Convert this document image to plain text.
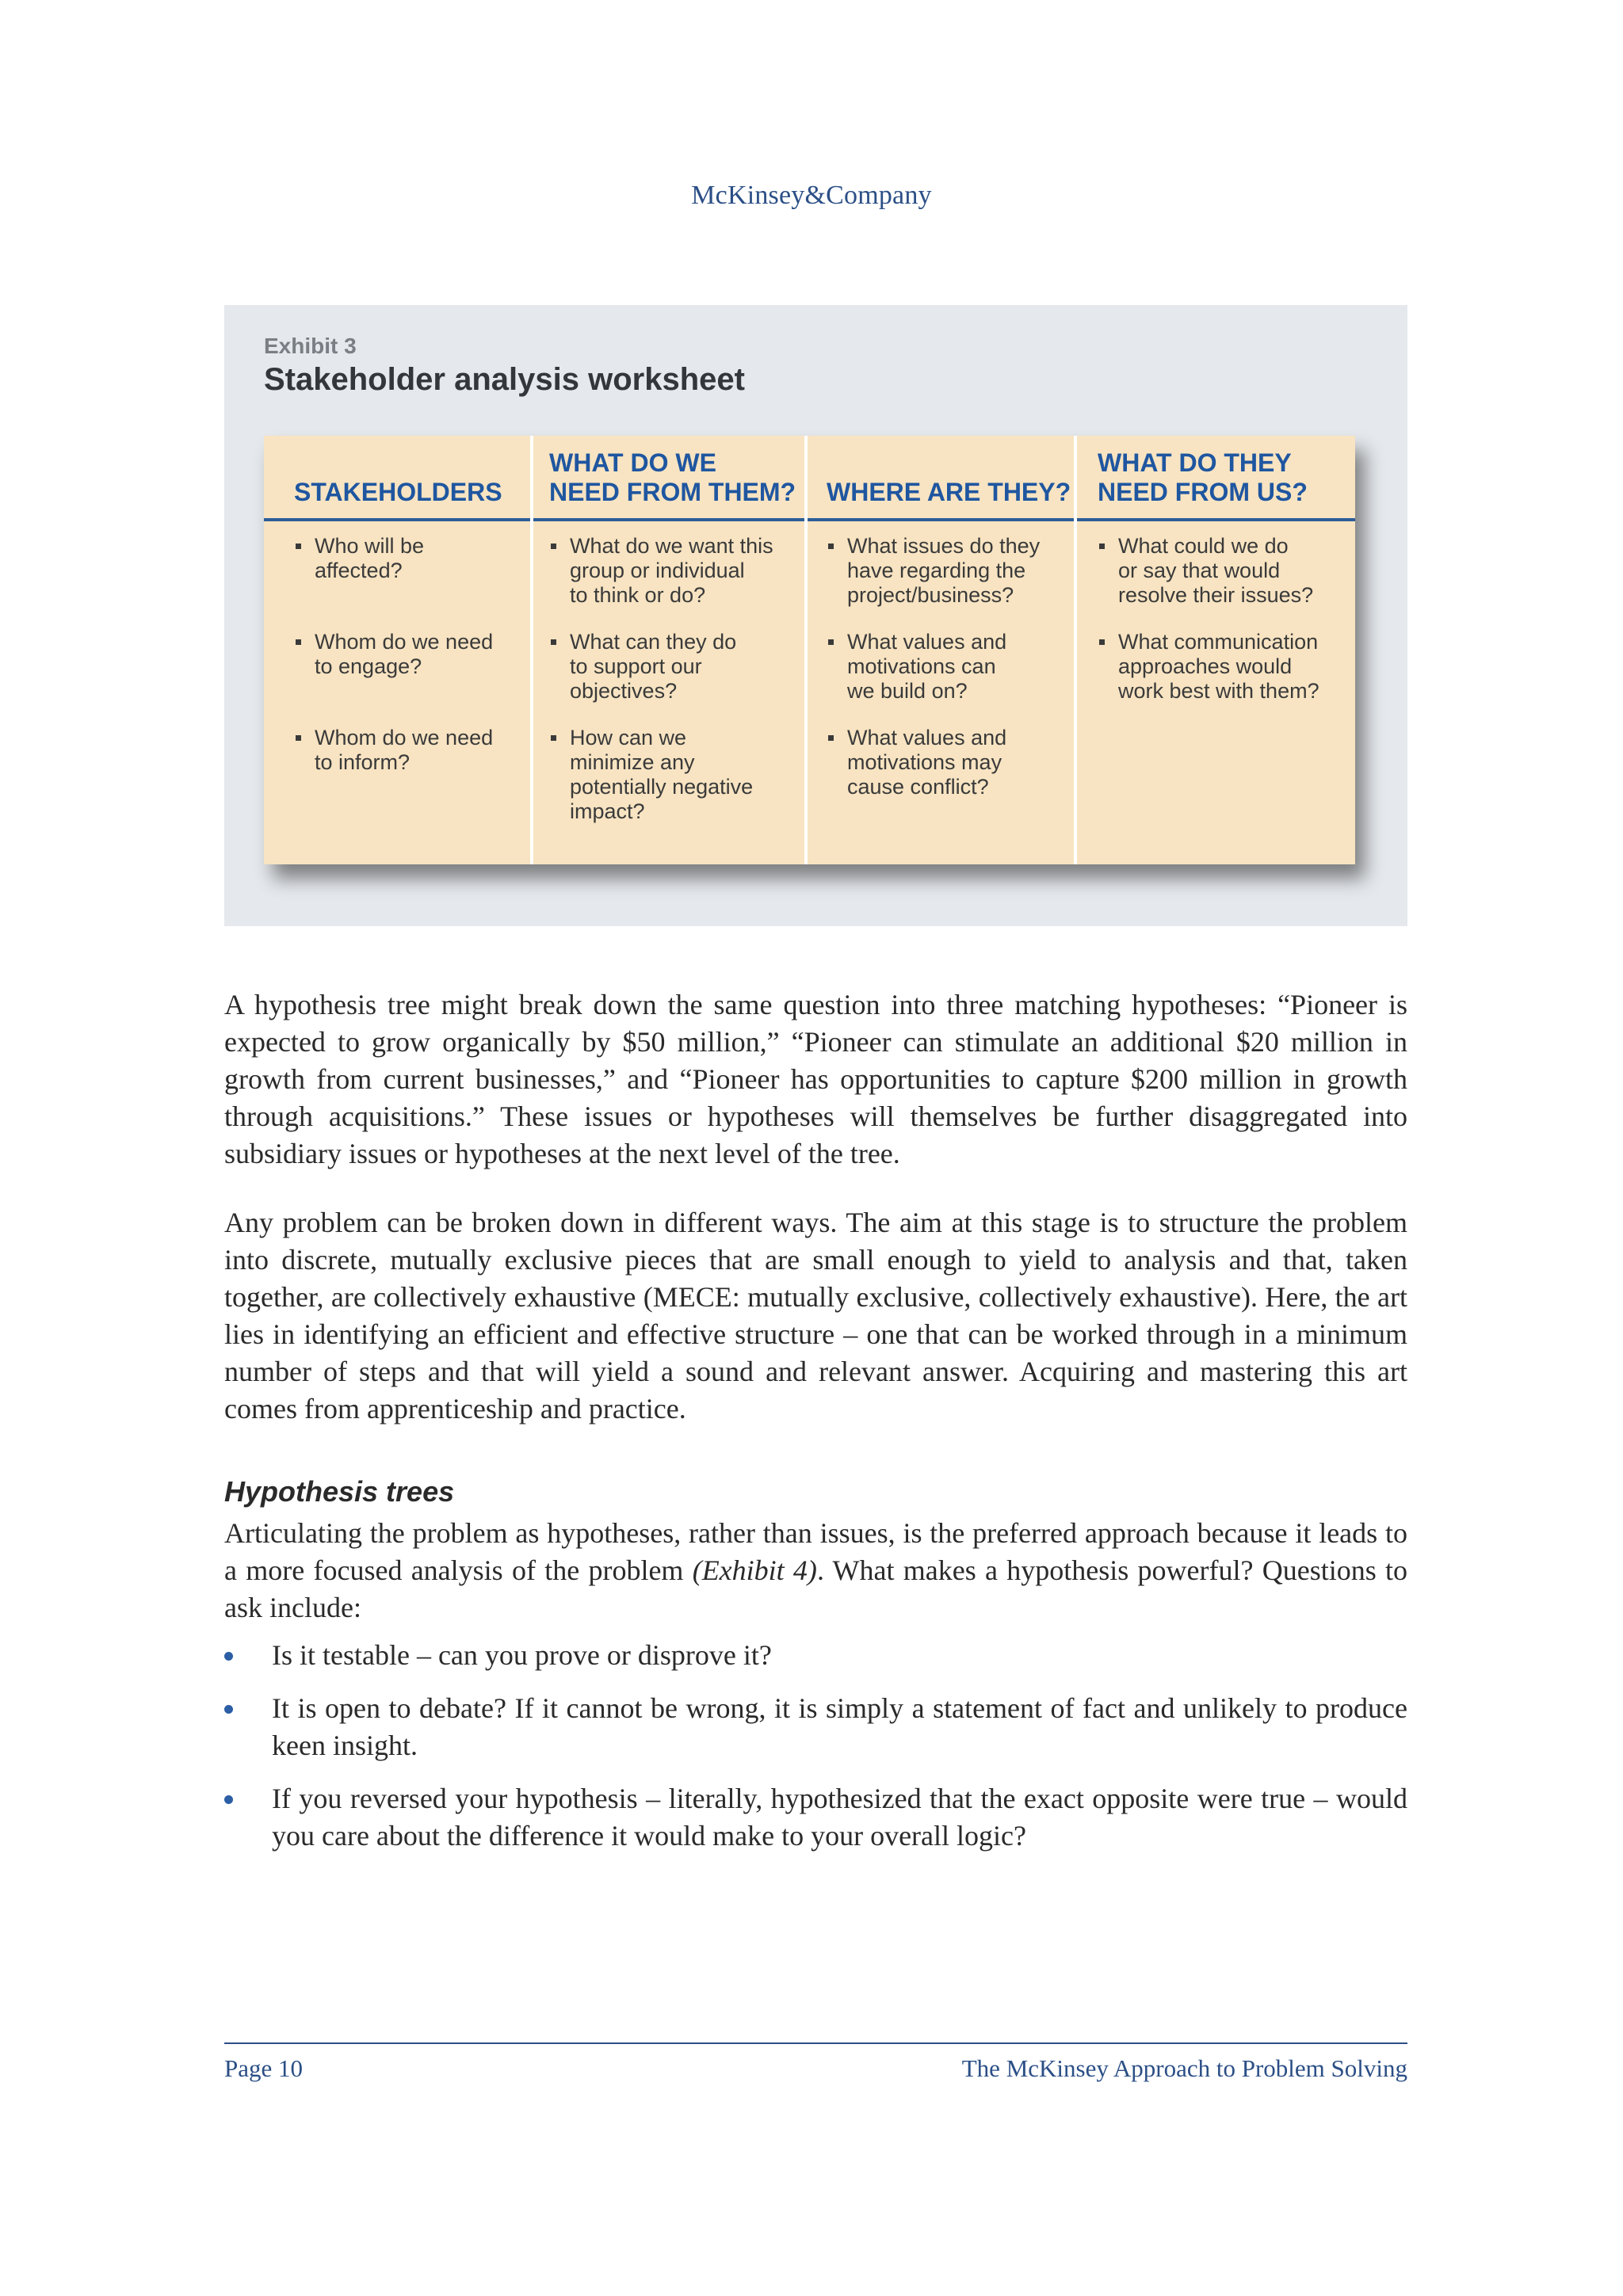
McKinsey&Company
Exhibit 3
Stakeholder analysis worksheet
STAKEHOLDERS
Who will be
affected?
Whom do we need
to engage?
Whom do we need
to inform?
WHAT DO WE
NEED FROM THEM?
What do we want this
group or individual
to think or do?
What can they do
to support our
objectives?
How can we
minimize any
potentially negative
impact?
WHERE ARE THEY?
What issues do they
have regarding the
project/business?
What values and
motivations can
we build on?
What values and
motivations may
cause conflict?
WHAT DO THEY
NEED FROM US?
What could we do
or say that would
resolve their issues?
What communication
approaches would
work best with them?
A hypothesis tree might break down the same question into three matching hypotheses: “Pioneer is expected to grow organically by $50 million,” “Pioneer can stimulate an additional $20 million in growth from current businesses,” and “Pioneer has opportunities to capture $200 million in growth through acquisitions.” These issues or hypotheses will themselves be further disaggregated into subsidiary issues or hypotheses at the next level of the tree.
Any problem can be broken down in different ways. The aim at this stage is to structure the problem into discrete, mutually exclusive pieces that are small enough to yield to analysis and that, taken together, are collectively exhaustive (MECE: mutually exclusive, collectively exhaustive). Here, the art lies in identifying an efficient and effective structure – one that can be worked through in a minimum number of steps and that will yield a sound and relevant answer. Acquiring and mastering this art comes from apprenticeship and practice.
Hypothesis trees
Articulating the problem as hypotheses, rather than issues, is the preferred approach because it leads to a more focused analysis of the problem (Exhibit 4). What makes a hypothesis powerful? Questions to ask include:
Is it testable – can you prove or disprove it?
It is open to debate? If it cannot be wrong, it is simply a statement of fact and unlikely to produce keen insight.
If you reversed your hypothesis – literally, hypothesized that the exact opposite were true – would you care about the difference it would make to your overall logic?
Page 10	The McKinsey Approach to Problem Solving
